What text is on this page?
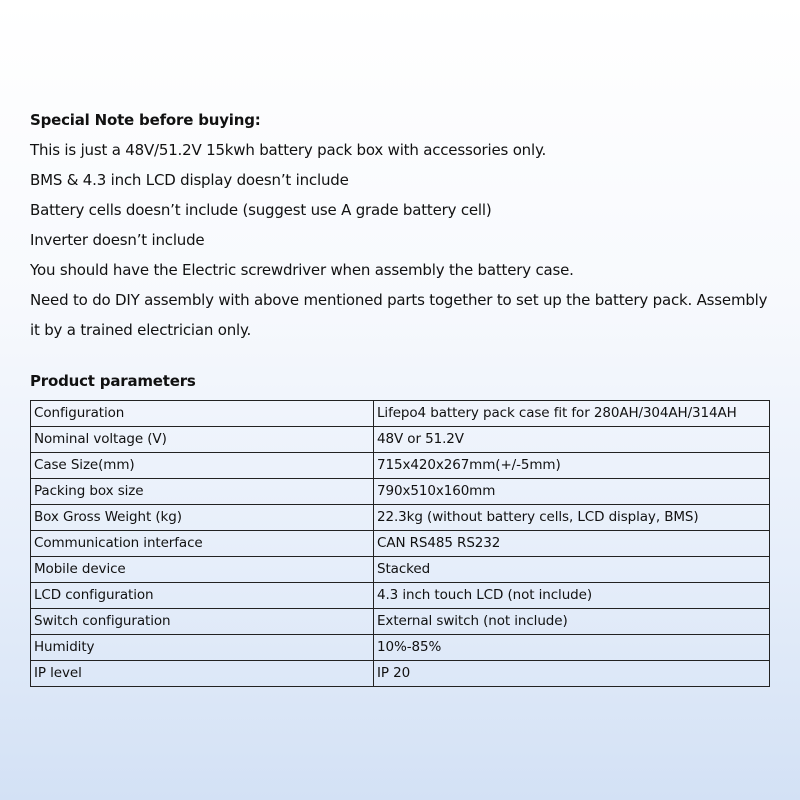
Special Note before buying:

This is just a 48V/51.2V 15kwh battery pack box with accessories only.

BMS & 4.3 inch LCD display doesn’t include

Battery cells doesn’t include (suggest use A grade battery cell)

Inverter doesn’t include

You should have the Electric screwdriver when assembly the battery case.

Need to do DIY assembly with above mentioned parts together to set up the battery pack. Assembly it by a trained electrician only.

Product parameters

Configuration	Lifepo4 battery pack case fit for 280AH/304AH/314AH
Nominal voltage (V)	48V or 51.2V
Case Size(mm)	715x420x267mm(+/-5mm)
Packing box size	790x510x160mm
Box Gross Weight (kg)	22.3kg (without battery cells, LCD display, BMS)
Communication interface	CAN RS485 RS232
Mobile device	Stacked
LCD configuration	4.3 inch touch LCD (not include)
Switch configuration	External switch (not include)
Humidity	10%-85%
IP level	IP 20
